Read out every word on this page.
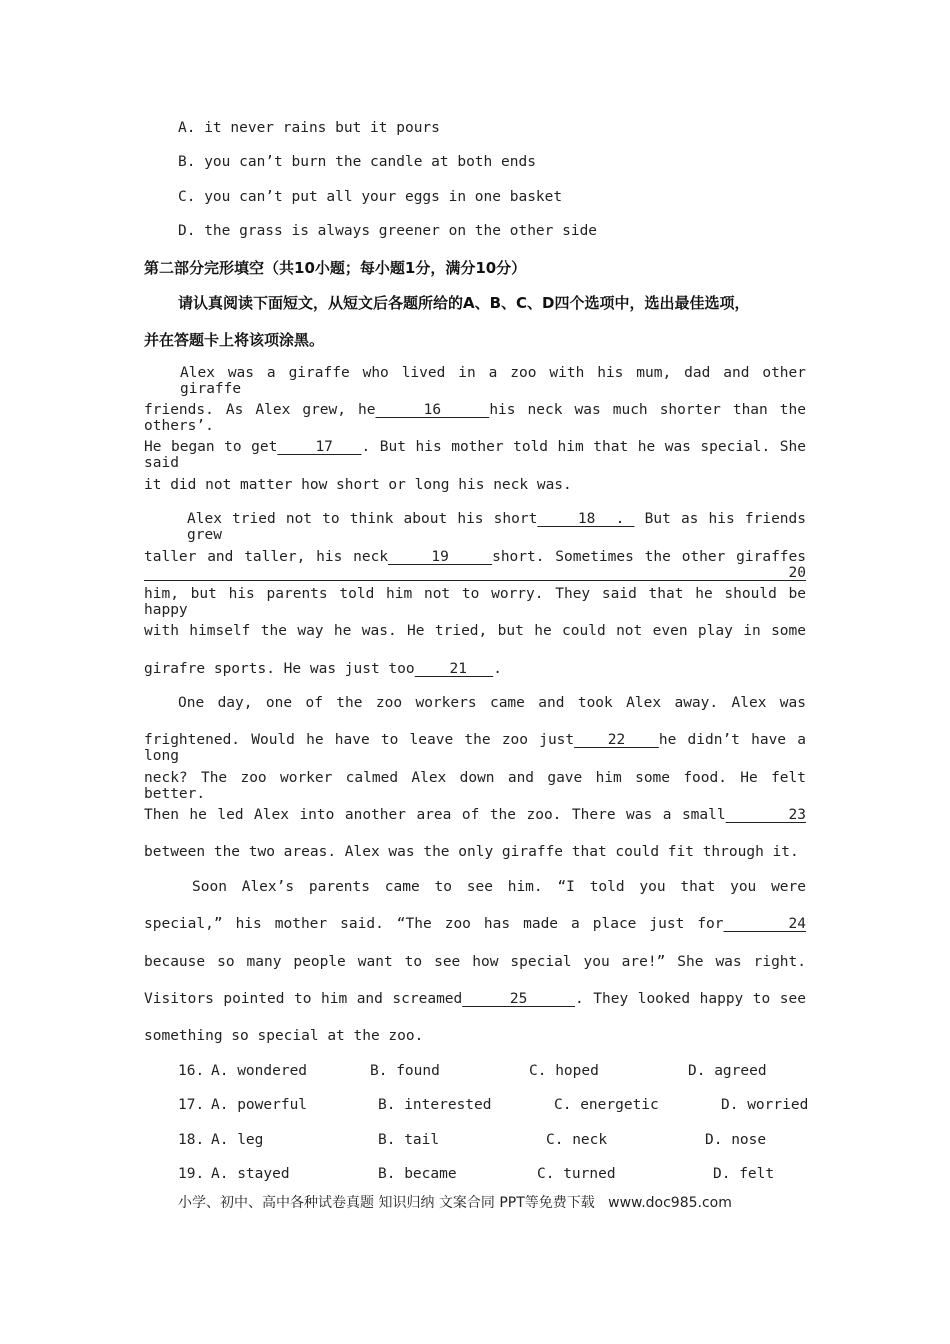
A. it never rains but it pours
B. you can’t burn the candle at both ends
C. you can’t put all your eggs in one basket
D. the grass is always greener on the other side
第二部分完形填空（共10小题；每小题1分，满分10分）
请认真阅读下面短文，从短文后各题所给的A、B、C、D四个选项中，选出最佳选项，
并在答题卡上将该项涂黑。
Alex was a giraffe who lived in a zoo with his mum, dad and other giraffe
friends. As Alex grew, he    16    his neck was much shorter than the others’.
He began to get    17   . But his mother told him that he was special. She said
it did not matter how short or long his neck was.
Alex tried not to think about his short    18  .  But as his friends grew
taller and taller, his neck    19    short. Sometimes the other giraffes    20
him, but his parents told him not to worry. They said that he should be happy
with himself the way he was. He tried, but he could not even play in some
girafre sports. He was just too    21   .
One day, one of the zoo workers came and took Alex away. Alex was
frightened. Would he have to leave the zoo just   22   he didn’t have a long
neck? The zoo worker calmed Alex down and gave him some food. He felt better.
Then he led Alex into another area of the zoo. There was a small      23
between the two areas. Alex was the only giraffe that could fit through it.
Soon Alex’s parents came to see him. “I told you that you were
special,” his mother said. “The zoo has made a place just for     24
because so many people want to see how special you are!” She was right.
Visitors pointed to him and screamed     25     . They looked happy to see
something so special at the zoo.
16. A. wondered	B. found	C. hoped	D. agreed
17. A. powerful	B. interested	C. energetic	D. worried
18. A. leg	B. tail	C. neck	D. nose
19. A. stayed	B. became	C. turned	D. felt
小学、初中、高中各种试卷真题 知识归纳 文案合同 PPT等免费下载   www.doc985.com
